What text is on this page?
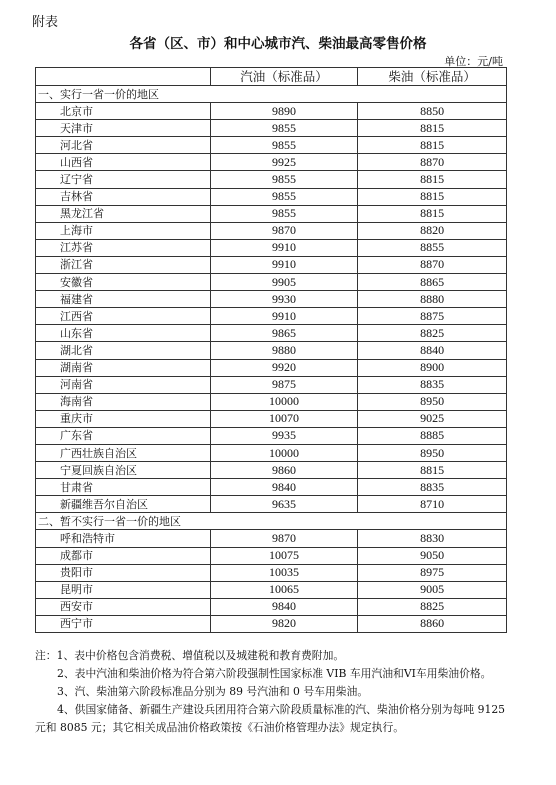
附表
各省（区、市）和中心城市汽、柴油最高零售价格
单位：元/吨
	汽油（标准品）	柴油（标准品）
一、实行一省一价的地区		
北京市	9890	8850
天津市	9855	8815
河北省	9855	8815
山西省	9925	8870
辽宁省	9855	8815
吉林省	9855	8815
黑龙江省	9855	8815
上海市	9870	8820
江苏省	9910	8855
浙江省	9910	8870
安徽省	9905	8865
福建省	9930	8880
江西省	9910	8875
山东省	9865	8825
湖北省	9880	8840
湖南省	9920	8900
河南省	9875	8835
海南省	10000	8950
重庆市	10070	9025
广东省	9935	8885
广西壮族自治区	10000	8950
宁夏回族自治区	9860	8815
甘肃省	9840	8835
新疆维吾尔自治区	9635	8710
二、暂不实行一省一价的地区		
呼和浩特市	9870	8830
成都市	10075	9050
贵阳市	10035	8975
昆明市	10065	9005
西安市	9840	8825
西宁市	9820	8860

注：1、表中价格包含消费税、增值税以及城建税和教育费附加。

2、表中汽油和柴油价格为符合第六阶段强制性国家标准 VIB 车用汽油和VI车用柴油价格。

3、汽、柴油第六阶段标准品分别为 89 号汽油和 0 号车用柴油。

4、供国家储备、新疆生产建设兵团用符合第六阶段质量标准的汽、柴油价格分别为每吨 9125 元和 8085 元；其它相关成品油价格政策按《石油价格管理办法》规定执行。
